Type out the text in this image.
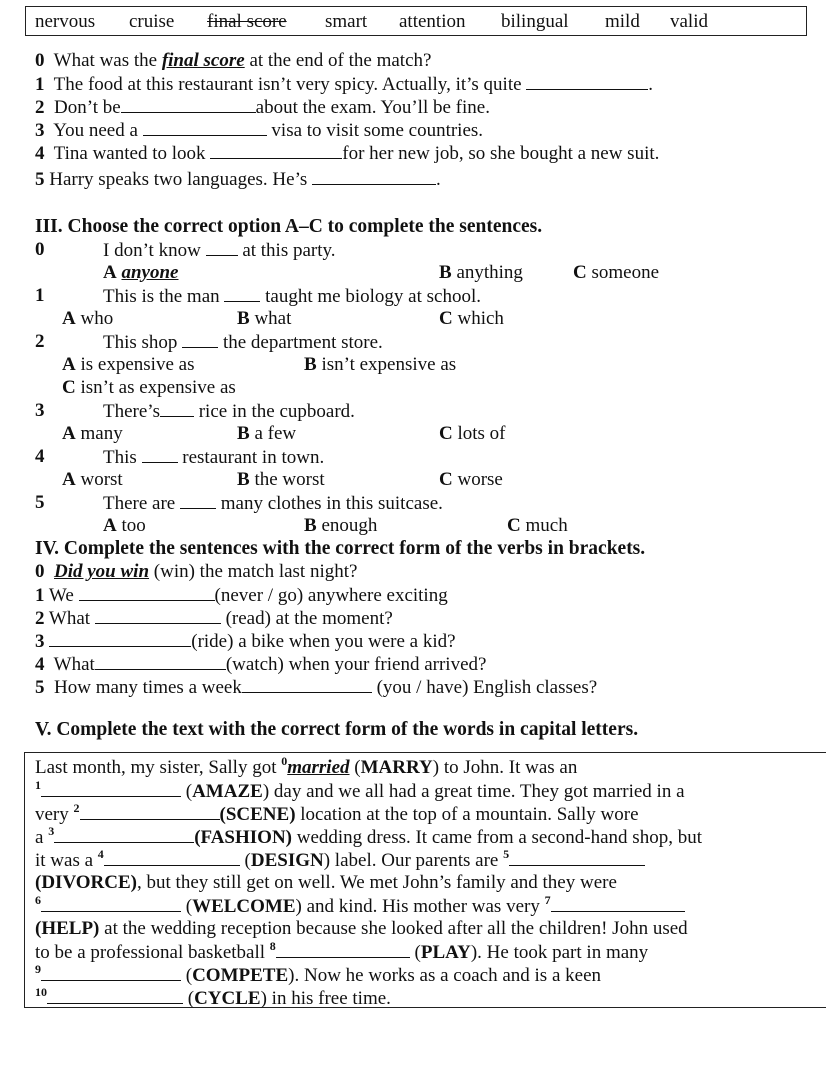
nervous cruise final score smart attention bilingual mild valid
0 What was the final score at the end of the match?
1 The food at this restaurant isn’t very spicy. Actually, it’s quite	.
2 Don’t be	about the exam. You’ll be fine.
3 You need a	visa to visit some countries.
4 Tina wanted to look	for her new job, so she bought a new suit.
5 Harry speaks two languages. He’s	.
III. Choose the correct option A–C to complete the sentences.
0	I don’t know  at this party.
A anyone	B anything	C someone
1	This is the man  taught me biology at school.
A who	B what	C which
2	This shop  the department store.
A is expensive as	B isn’t expensive as
C isn’t as expensive as
3	There’s rice in the cupboard.
A many	B a few	C lots of
4	This  restaurant in town.
A worst	B the worst	C worse
5	There are  many clothes in this suitcase.
A too	B enough	C much
IV. Complete the sentences with the correct form of the verbs in brackets.
0 Did you win (win) the match last night?
1 We	(never / go) anywhere exciting
2 What	(read) at the moment?
3	(ride) a bike when you were a kid?
4 What	(watch) when your friend arrived?
5 How many times a week	(you / have) English classes?
V. Complete the text with the correct form of the words in capital letters.
Last month, my sister, Sally got $^0$married (MARRY) to John. It was an
$^1$	(AMAZE) day and we all had a great time. They got married in a
very $^2$	(SCENE) location at the top of a mountain. Sally wore
a $^3$	(FASHION) wedding dress. It came from a second-hand shop, but
it was a $^4$	(DESIGN) label. Our parents are $^5$
(DIVORCE), but they still get on well. We met John’s family and they were
$^6$	(WELCOME) and kind. His mother was very $^7$
(HELP) at the wedding reception because she looked after all the children! John used
to be a professional basketball $^8$	(PLAY). He took part in many
$^9$	(COMPETE). Now he works as a coach and is a keen
$^{10}$	(CYCLE) in his free time.
